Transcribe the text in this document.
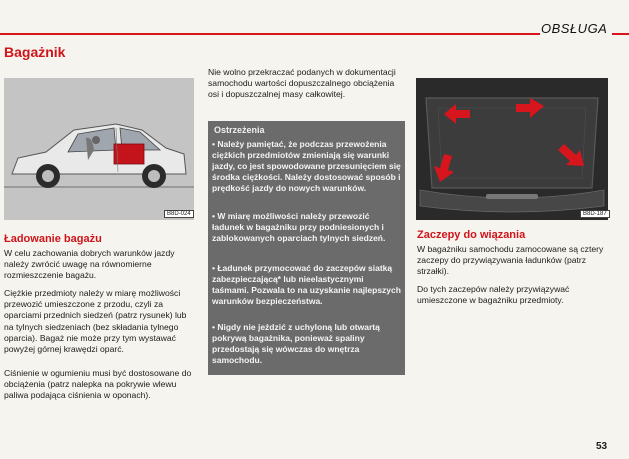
OBSŁUGA
Bagażnik
B8D-024
Ładowanie bagażu
W celu zachowania dobrych warunków jazdy należy zwrócić uwagę na równomierne rozmieszczenie bagażu.
Ciężkie przedmioty należy w miarę możliwości przewozić umieszczone z przodu, czyli za oparciami przednich siedzeń (patrz rysunek) lub na tylnych siedzeniach (bez składania tylnego oparcia). Bagaż nie może przy tym wystawać powyżej górnej krawędzi oparć.
Ciśnienie w ogumieniu musi być dostosowane do obciążenia (patrz nalepka na pokrywie wlewu paliwa podająca ciśnienia w oponach).
Nie wolno przekraczać podanych w dokumentacji samochodu wartości dopuszczalnego obciążenia osi i dopuszczalnej masy całkowitej.
Ostrzeżenia
• Należy pamiętać, że podczas przewożenia ciężkich przedmiotów zmieniają się warunki jazdy, co jest spowodowane przesunięciem się środka ciężkości. Należy dostosować sposób i prędkość jazdy do nowych warunków.
• W miarę możliwości należy przewozić ładunek w bagażniku przy podniesionych i zablokowanych oparciach tylnych siedzeń.
• Ładunek przymocować do zaczepów siatką zabezpieczającą* lub nieelastycznymi taśmami. Pozwala to na uzyskanie najlepszych warunków bezpieczeństwa.
• Nigdy nie jeździć z uchyloną lub otwartą pokrywą bagażnika, ponieważ spaliny przedostają się wówczas do wnętrza samochodu.
B8D-187
Zaczepy do wiązania
W bagażniku samochodu zamocowane są cztery zaczepy do przywiązywania ładunków (patrz strzałki).
Do tych zaczepów należy przywiązywać umieszczone w bagażniku przedmioty.
53
